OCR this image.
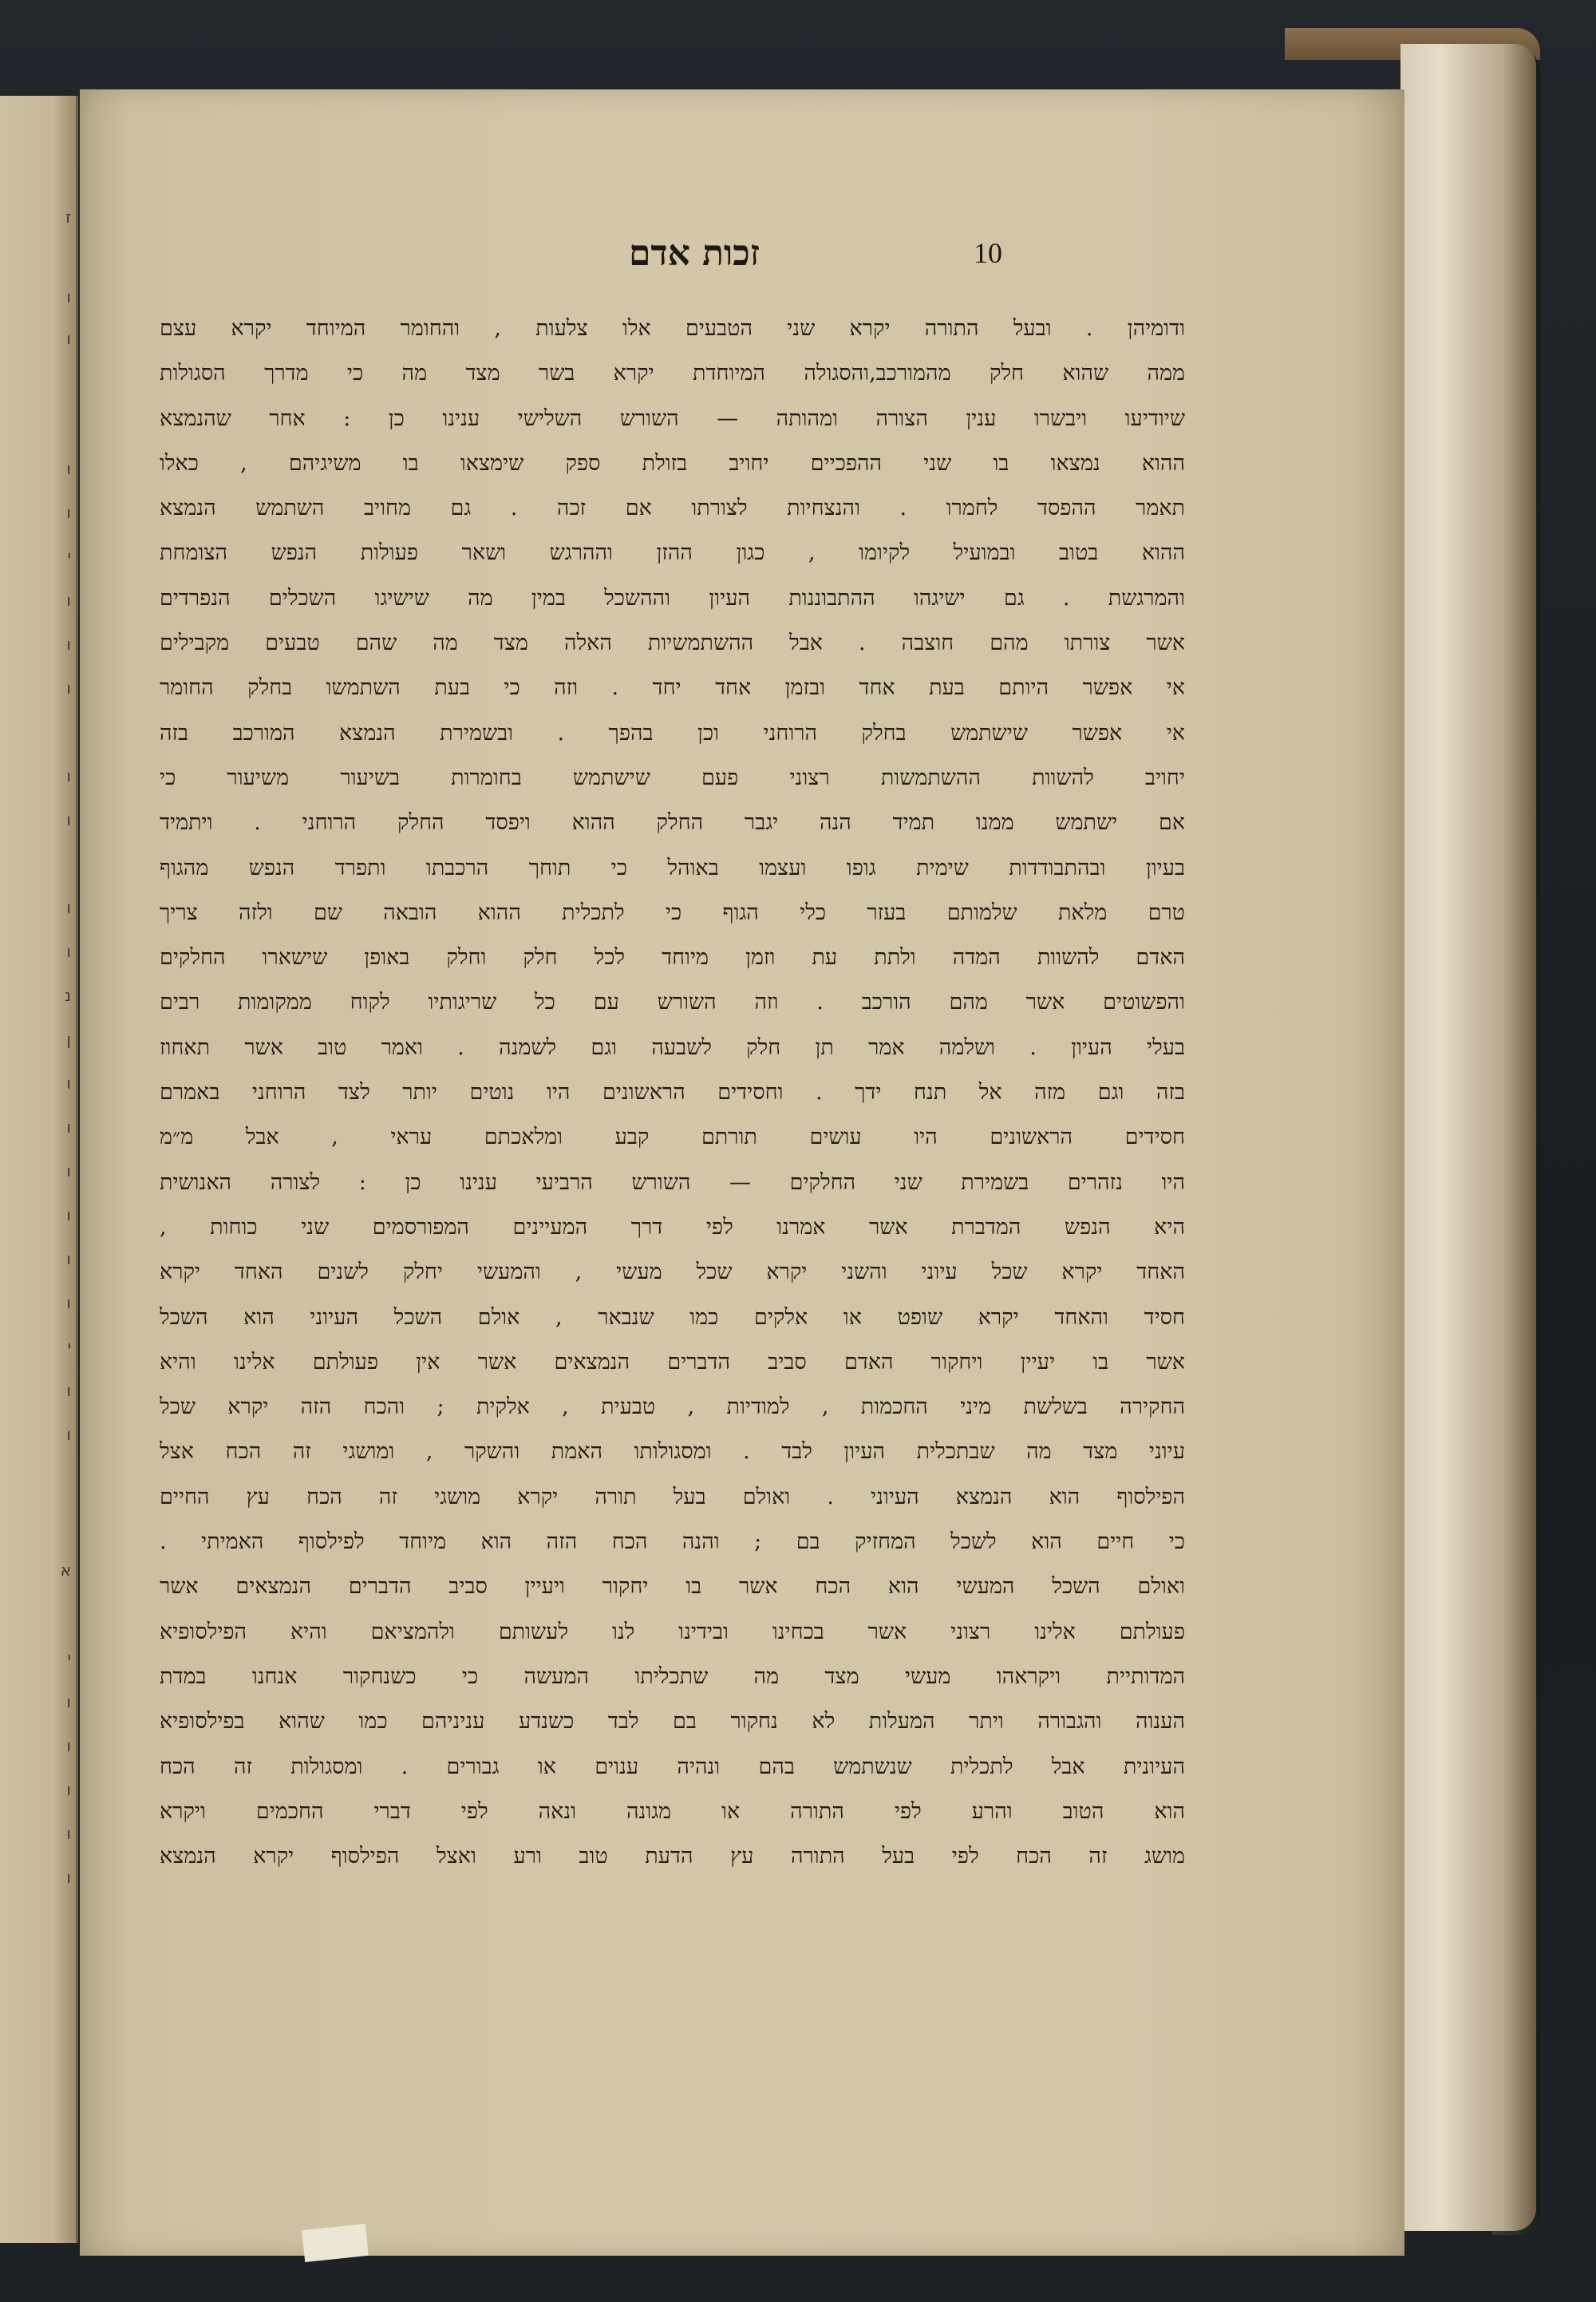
ז
ו
ו
ו
ו
י
ו
ו
ו
ו
ו
ו
ו
נ
ן
ו
ו
ו
ו
ו
ו
י
ו
ו
א
י
ו
ו
ו
ו
ו
זכות אדם	10
ודומיהן . ובעל התורה יקרא שני הטבעים אלו צלעות , והחומר המיוחד יקרא עצם
ממה שהוא חלק מהמורכב,והסגולה המיוחדת יקרא בשר מצד מה כי מדרך הסגולות
שיודיעו ויבשרו ענין הצורה ומהותה — השורש השלישי ענינו כן : אחר שהנמצא
ההוא נמצאו בו שני ההפכיים יחויב בזולת ספק שימצאו בו משיגיהם , כאלו
תאמר ההפסד לחמרו . והנצחיות לצורתו אם זכה . גם מחויב השתמש הנמצא
ההוא בטוב ובמועיל לקיומו , כגון ההזן וההרגש ושאר פעולות הנפש הצומחת
והמרגשת . גם ישיגהו ההתבוננות העיון וההשכל במין מה שישיגו השכלים הנפרדים
אשר צורתו מהם חוצבה . אבל ההשתמשיות האלה מצד מה שהם טבעים מקבילים
אי אפשר היותם בעת אחד ובזמן אחד יחד . וזה כי בעת השתמשו בחלק החומר
אי אפשר שישתמש בחלק הרוחני וכן בהפך . ובשמירת הנמצא המורכב בזה
יחויב להשוות ההשתמשות רצוני פעם שישתמש בחומרות בשיעור משיעור כי
אם ישתמש ממנו תמיד הנה יגבר החלק ההוא ויפסד החלק הרוחני . ויתמיד
בעיון ובהתבודדות שימית גופו ועצמו באוהל כי תוחך הרכבתו ותפרד הנפש מהגוף
טרם מלאת שלמותם בעזר כלי הגוף כי לתכלית ההוא הובאה שם ולזה צריך
האדם להשוות המדה ולתת עת וזמן מיוחד לכל חלק וחלק באופן שישארו החלקים
והפשוטים אשר מהם הורכב . וזה השורש עם כל שריגותיו לקוח ממקומות רבים
בעלי העיון . ושלמה אמר תן חלק לשבעה וגם לשמנה . ואמר טוב אשר תאחוז
בזה וגם מזה אל תנח ידך . וחסידים הראשונים היו נוטים יותר לצד הרוחני באמרם
חסידים הראשונים היו עושים תורתם קבע ומלאכתם עראי , אבל מ״מ
היו נזהרים בשמירת שני החלקים — השורש הרביעי ענינו כן : לצורה האנושית
היא הנפש המדברת אשר אמרנו לפי דרך המעיינים המפורסמים שני כוחות ,
האחד יקרא שכל עיוני והשני יקרא שכל מעשי , והמעשי יחלק לשנים האחד יקרא
חסיד והאחד יקרא שופט או אלקים כמו שנבאר , אולם השכל העיוני הוא השכל
אשר בו יעיין ויחקור האדם סביב הדברים הנמצאים אשר אין פעולתם אלינו והיא
החקירה בשלשת מיני החכמות , למודיות , טבעית , אלקית ; והכח הזה יקרא שכל
עיוני מצד מה שבתכלית העיון לבד . ומסגולותו האמת והשקר , ומושגי זה הכח אצל
הפילסוף הוא הנמצא העיוני . ואולם בעל תורה יקרא מושגי זה הכח עץ החיים
כי חיים הוא לשכל המחזיק בם ; והנה הכח הזה הוא מיוחד לפילסוף האמיתי .
ואולם השכל המעשי הוא הכח אשר בו יחקור ויעיין סביב הדברים הנמצאים אשר
פעולתם אלינו רצוני אשר בכחינו ובידינו לנו לעשותם ולהמציאם והיא הפילסופיא
המדותיית ויקראהו מעשי מצד מה שתכליתו המעשה כי כשנחקור אנחנו במדת
הענוה והגבורה ויתר המעלות לא נחקור בם לבד כשנדע עניניהם כמו שהוא בפילסופיא
העיונית אבל לתכלית שנשתמש בהם ונהיה ענוים או גבורים . ומסגולות זה הכח
הוא הטוב והרע לפי התורה או מגונה ונאה לפי דברי החכמים ויקרא
מושג זה הכח לפי בעל התורה עץ הדעת טוב ורע ואצל הפילסוף יקרא הנמצא
